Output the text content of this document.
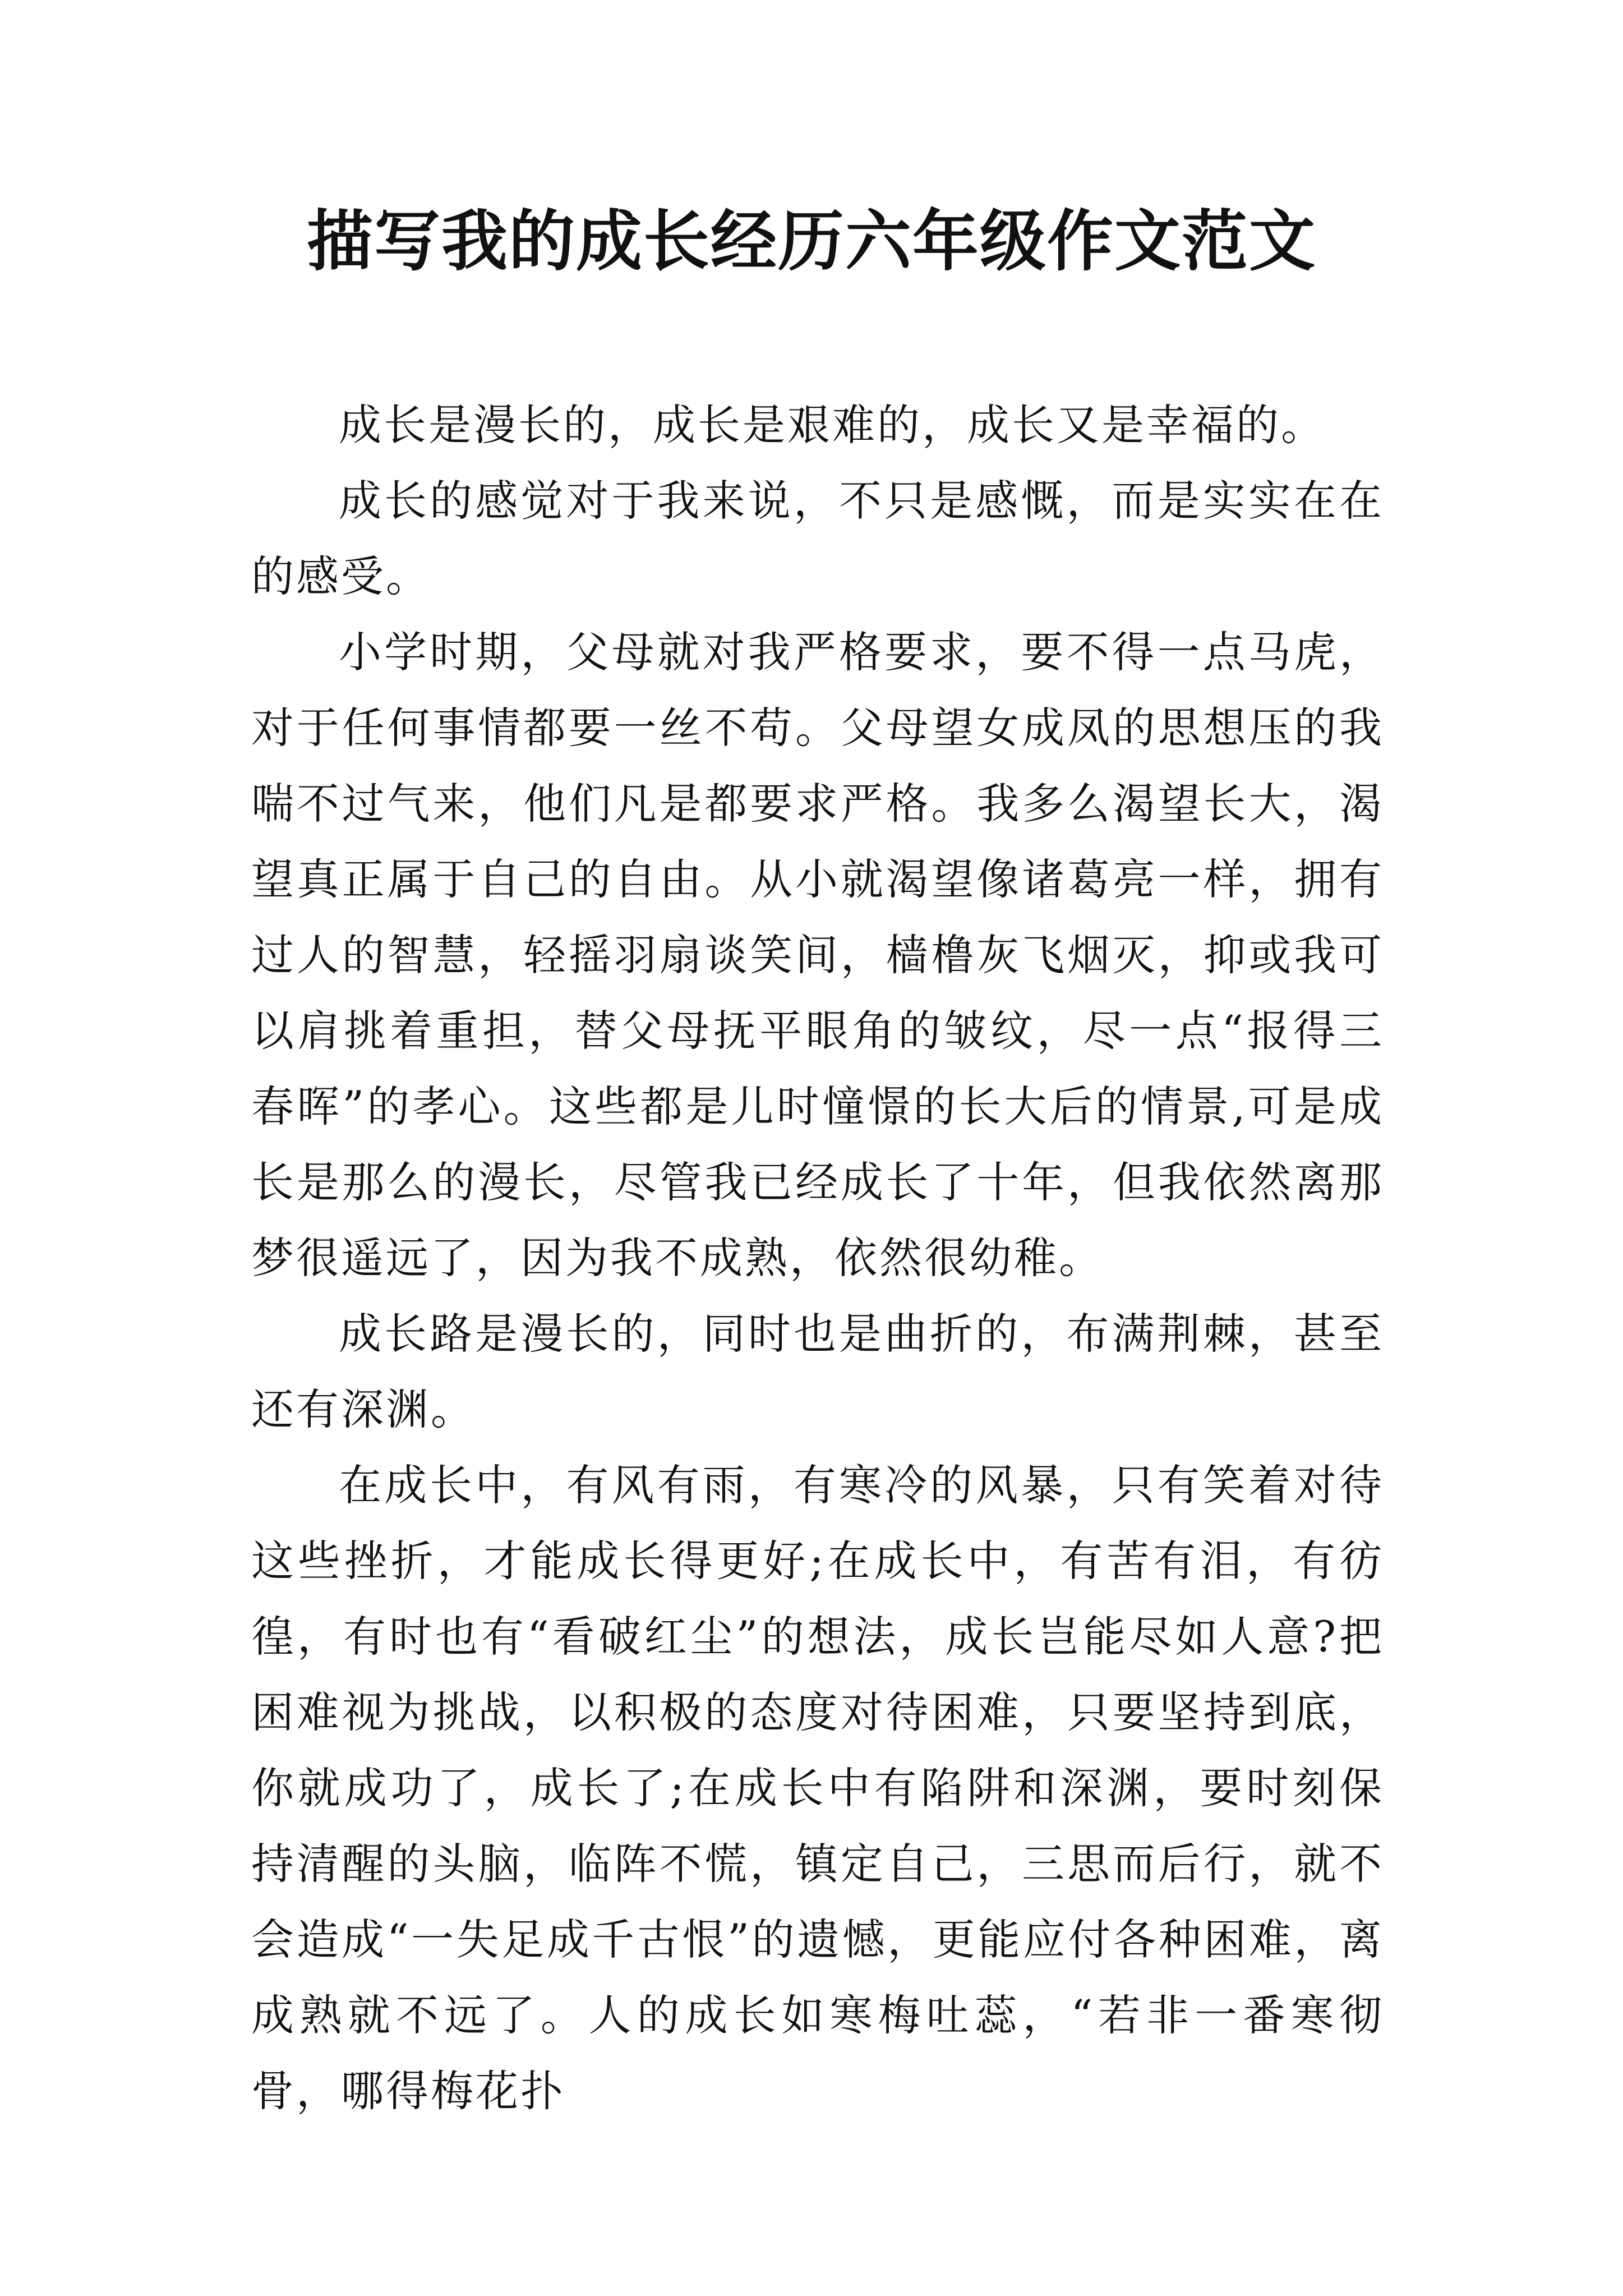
描写我的成长经历六年级作文范文

成长是漫长的，成长是艰难的，成长又是幸福的。

成长的感觉对于我来说，不只是感慨，而是实实在在的感受。

小学时期，父母就对我严格要求，要不得一点马虎，对于任何事情都要一丝不苟。父母望女成凤的思想压的我喘不过气来，他们凡是都要求严格。我多么渴望长大，渴望真正属于自己的自由。从小就渴望像诸葛亮一样，拥有过人的智慧，轻摇羽扇谈笑间，樯橹灰飞烟灭，抑或我可以肩挑着重担，替父母抚平眼角的皱纹，尽一点“报得三春晖”的孝心。这些都是儿时憧憬的长大后的情景,可是成长是那么的漫长，尽管我已经成长了十年，但我依然离那梦很遥远了，因为我不成熟，依然很幼稚。

成长路是漫长的，同时也是曲折的，布满荆棘，甚至还有深渊。

在成长中，有风有雨，有寒冷的风暴，只有笑着对待这些挫折，才能成长得更好;在成长中，有苦有泪，有彷徨，有时也有“看破红尘”的想法，成长岂能尽如人意?把困难视为挑战，以积极的态度对待困难，只要坚持到底，你就成功了，成长了;在成长中有陷阱和深渊，要时刻保持清醒的头脑，临阵不慌，镇定自己，三思而后行，就不会造成“一失足成千古恨”的遗憾，更能应付各种困难，离成熟就不远了。人的成长如寒梅吐蕊，“若非一番寒彻骨，哪得梅花扑
